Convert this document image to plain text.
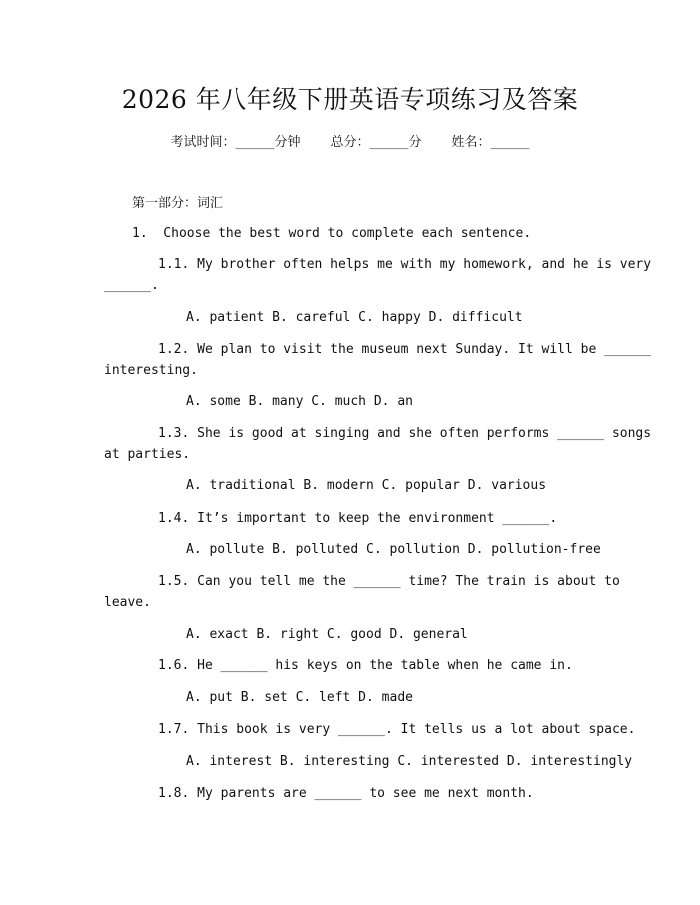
2026 年八年级下册英语专项练习及答案
考试时间：______分钟 总分：______分 姓名：______
第一部分：词汇
1.  Choose the best word to complete each sentence.
1.1. My brother often helps me with my homework, and he is very
______.
A. patient B. careful C. happy D. difficult
1.2. We plan to visit the museum next Sunday. It will be ______
interesting.
A. some B. many C. much D. an
1.3. She is good at singing and she often performs ______ songs
at parties.
A. traditional B. modern C. popular D. various
1.4. It’s important to keep the environment ______.
A. pollute B. polluted C. pollution D. pollution-free
1.5. Can you tell me the ______ time? The train is about to
leave.
A. exact B. right C. good D. general
1.6. He ______ his keys on the table when he came in.
A. put B. set C. left D. made
1.7. This book is very ______. It tells us a lot about space.
A. interest B. interesting C. interested D. interestingly
1.8. My parents are ______ to see me next month.
